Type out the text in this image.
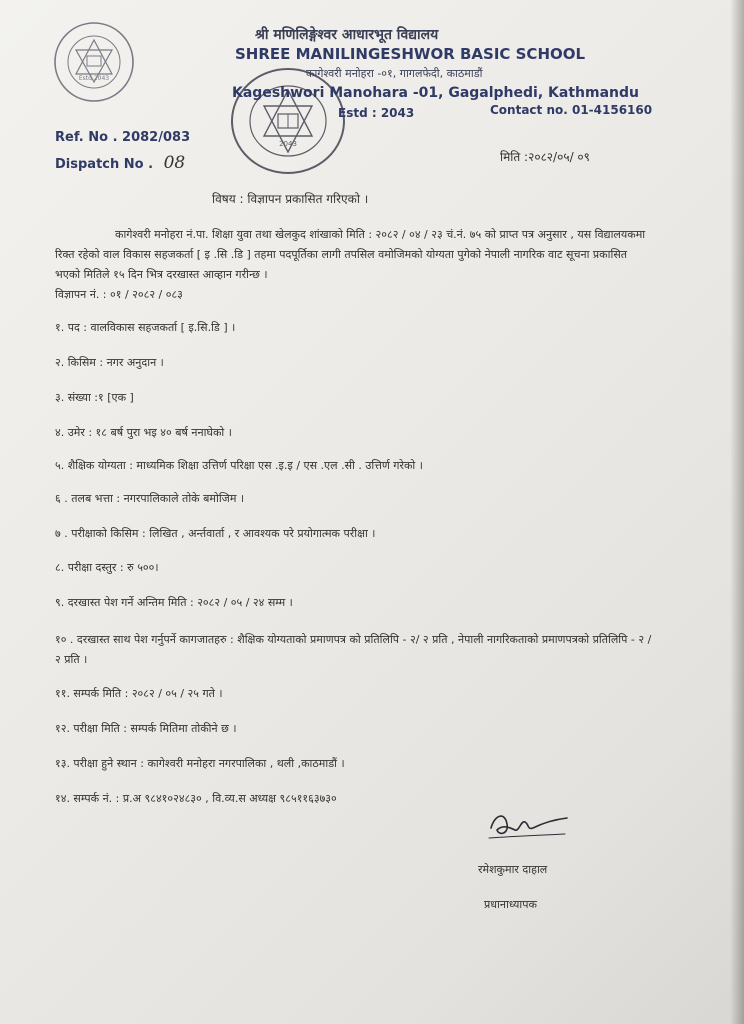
Estd 2043
2043
श्री मणिलिङ्गेश्वर आधारभूत विद्यालय
SHREE MANILINGESHWOR BASIC SCHOOL
कागेश्वरी मनोहरा -०१, गागलफेदी, काठमाडौं
Kageshwori Manohara -01, Gagalphedi, Kathmandu
Estd : 2043	Contact no. 01-4156160
Ref. No . 2082/083
Dispatch No . 08	मिति :२०८२/०५/ ०९
विषय : विज्ञापन प्रकासित गरिएको ।
कागेश्वरी मनोहरा नं.पा. शिक्षा युवा तथा खेलकुद शांखाको मिति : २०८२ / ०४ / २३ चं.नं. ७५ को प्राप्त पत्र अनुसार , यस विद्यालयकमा रिक्त रहेको वाल विकास सहजकर्ता [ इ .सि .डि ] तहमा पदपूर्तिका लागी तपसिल वमोजिमको योग्यता पुगेको नेपाली नागरिक वाट सूचना प्रकासित भएको मितिले १५ दिन भित्र दरखास्त आव्हान गरीन्छ ।
विज्ञापन नं. : ०१ / २०८२ / ०८३
१. पद : वालविकास सहजकर्ता [ इ.सि.डि ] ।
२. किसिम : नगर अनुदान ।
३. संख्या :१ [एक ]
४. उमेर : १८ बर्ष पुरा भइ ४० बर्ष ननाघेको ।
५. शैक्षिक योग्यता : माध्यमिक शिक्षा उत्तिर्ण परिक्षा एस .इ.इ / एस .एल .सी . उत्तिर्ण गरेको ।
६ . तलब भत्ता : नगरपालिकाले तोके बमोजिम ।
७ . परीक्षाको किसिम : लिखित , अर्न्तवार्ता , र आवश्यक परे प्रयोगात्मक परीक्षा ।
८. परीक्षा दस्तुर : रु ५००।
९. दरखास्त पेश गर्ने अन्तिम मिति : २०८२ / ०५ / २४ सम्म ।
१० . दरखास्त साथ पेश गर्नुपर्ने कागजातहरु : शैक्षिक योग्यताको प्रमाणपत्र को प्रतिलिपि - २/ २ प्रति , नेपाली नागरिकताको प्रमाणपत्रको प्रतिलिपि - २ / २ प्रति ।
११. सम्पर्क मिति : २०८२ / ०५ / २५ गते ।
१२. परीक्षा मिति : सम्पर्क मितिमा तोकीने छ ।
१३. परीक्षा हुने स्थान : कागेश्वरी मनोहरा नगरपालिका , थली ,काठमाडौं ।
१४. सम्पर्क नं. : प्र.अ ९८४१०२४८३० , वि.व्य.स अध्यक्ष ९८५११६३७३०
रमेशकुमार दाहाल
प्रधानाध्यापक
